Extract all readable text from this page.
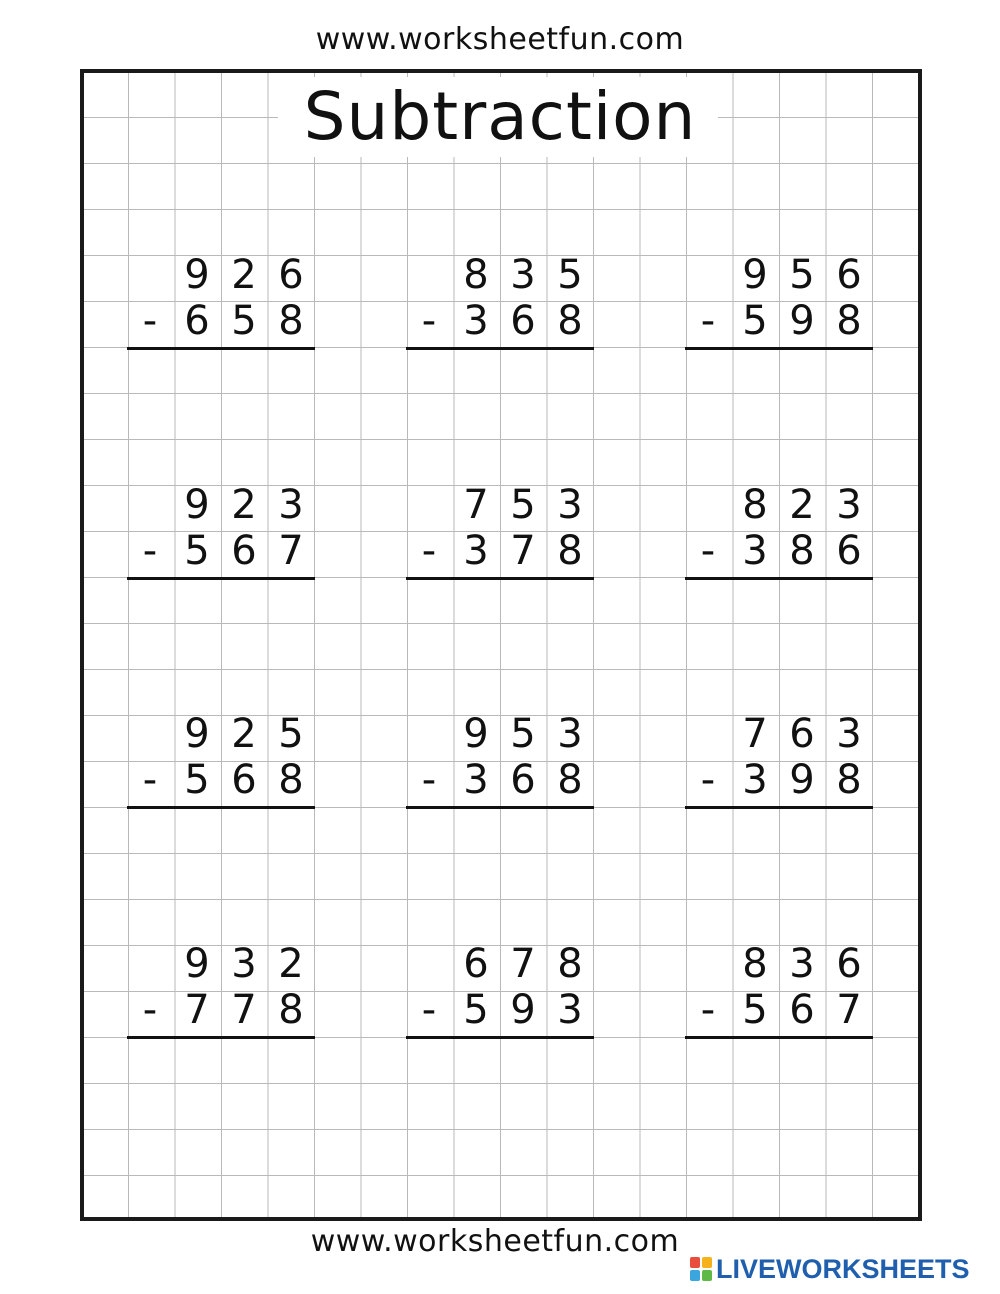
www.worksheetfun.com
Subtraction
9 2 6
- 6 5 8
8 3 5
- 3 6 8
9 5 6
- 5 9 8
9 2 3
- 5 6 7
7 5 3
- 3 7 8
8 2 3
- 3 8 6
9 2 5
- 5 6 8
9 5 3
- 3 6 8
7 6 3
- 3 9 8
9 3 2
- 7 7 8
6 7 8
- 5 9 3
8 3 6
- 5 6 7
www.worksheetfun.com
LIVEWORKSHEETS
